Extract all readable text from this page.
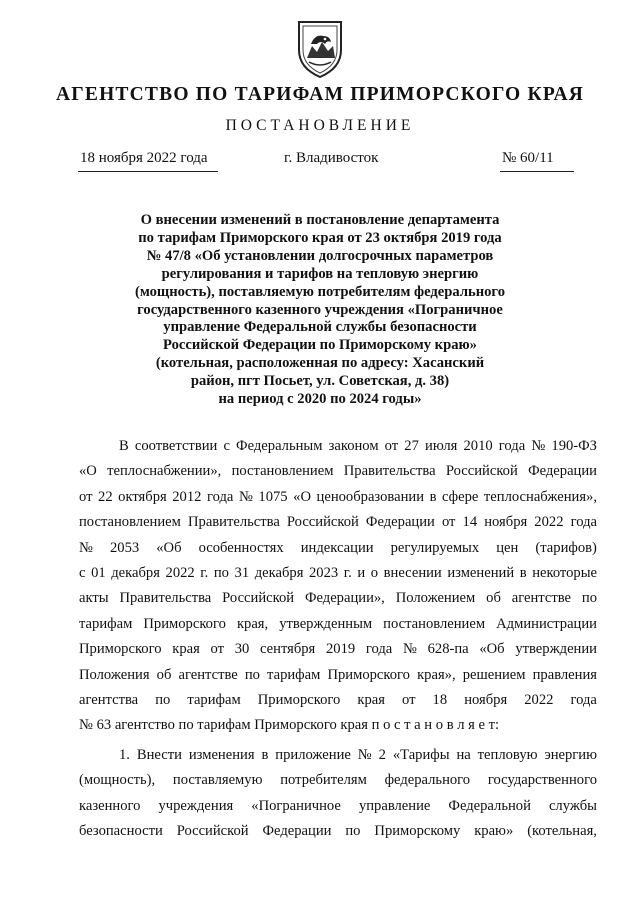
АГЕНТСТВО ПО ТАРИФАМ ПРИМОРСКОГО КРАЯ
ПОСТАНОВЛЕНИЕ
18 ноября 2022 года	г. Владивосток	№ 60/11
О внесении изменений в постановление департамента
по тарифам Приморского края от 23 октября 2019 года
№ 47/8 «Об установлении долгосрочных параметров
регулирования и тарифов на тепловую энергию
(мощность), поставляемую потребителям федерального
государственного казенного учреждения «Пограничное
управление Федеральной службы безопасности
Российской Федерации по Приморскому краю»
(котельная, расположенная по адресу: Хасанский
район, пгт Посьет, ул. Советская, д. 38)
на период с 2020 по 2024 годы»
В соответствии с Федеральным законом от 27 июля 2010 года № 190-ФЗ
«О теплоснабжении», постановлением Правительства Российской Федерации
от 22 октября 2012 года № 1075 «О ценообразовании в сфере теплоснабжения»,
постановлением Правительства Российской Федерации от 14 ноября 2022 года
№ 2053 «Об особенностях индексации регулируемых цен (тарифов)
с 01 декабря 2022 г. по 31 декабря 2023 г. и о внесении изменений в некоторые
акты Правительства Российской Федерации», Положением об агентстве по
тарифам Приморского края, утвержденным постановлением Администрации
Приморского края от 30 сентября 2019 года № 628-па «Об утверждении
Положения об агентстве по тарифам Приморского края», решением правления
агентства по тарифам Приморского края от 18 ноября 2022 года
№ 63 агентство по тарифам Приморского края п о с т а н о в л я е т:
1. Внести изменения в приложение № 2 «Тарифы на тепловую энергию
(мощность), поставляемую потребителям федерального государственного
казенного учреждения «Пограничное управление Федеральной службы
безопасности Российской Федерации по Приморскому краю» (котельная,
